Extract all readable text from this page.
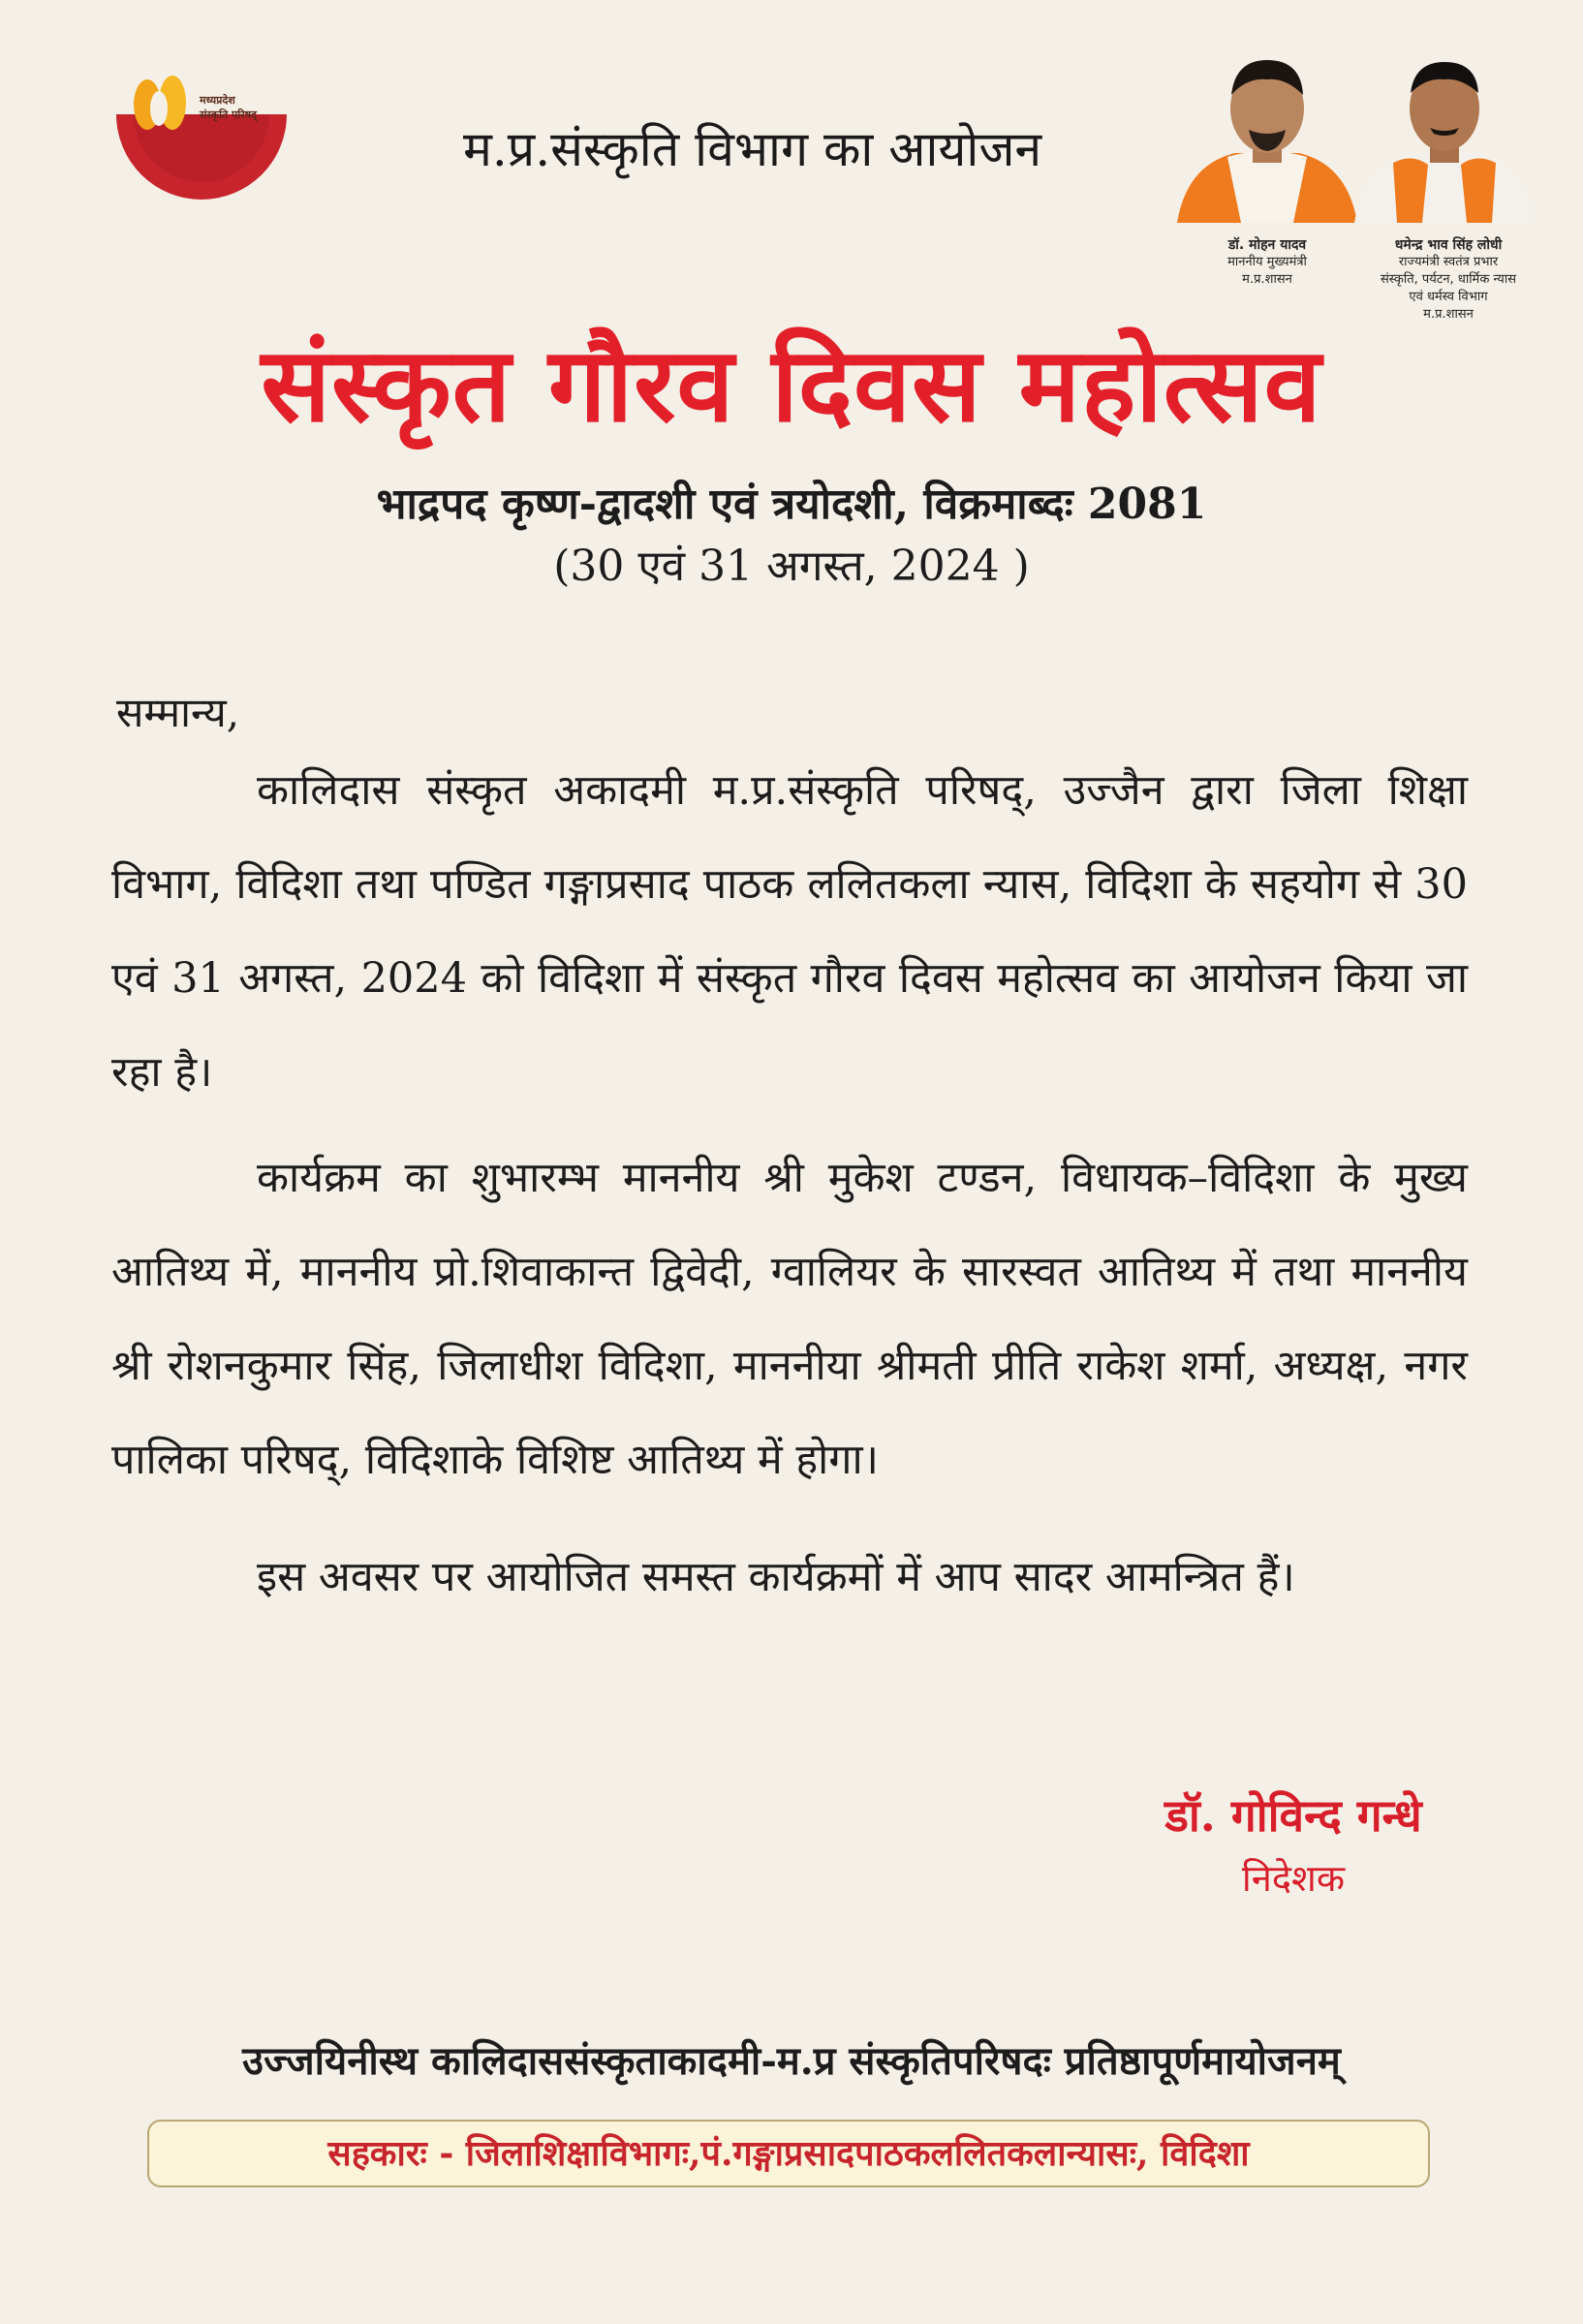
मध्यप्रदेश
संस्कृति परिषद्
म.प्र.संस्कृति विभाग का आयोजन
डॉ. मोहन यादव
माननीय मुख्यमंत्री
म.प्र.शासन
धमेन्द्र भाव सिंह लोधी
राज्यमंत्री स्वतंत्र प्रभार
संस्कृति, पर्यटन, धार्मिक न्यास
एवं धर्मस्व विभाग
म.प्र.शासन
संस्कृत गौरव दिवस महोत्सव
भाद्रपद कृष्ण-द्वादशी एवं त्रयोदशी, विक्रमाब्दः 2081
(30 एवं 31 अगस्त, 2024 )
सम्मान्य,

कालिदास संस्कृत अकादमी म.प्र.संस्कृति परिषद्, उज्जैन द्वारा जिला शिक्षा विभाग, विदिशा तथा पण्डित गङ्गाप्रसाद पाठक ललितकला न्यास, विदिशा के सहयोग से 30 एवं 31 अगस्त, 2024 को विदिशा में संस्कृत गौरव दिवस महोत्सव का आयोजन किया जा रहा है।

कार्यक्रम का शुभारम्भ माननीय श्री मुकेश टण्डन, विधायक–विदिशा के मुख्य आतिथ्य में, माननीय प्रो.शिवाकान्त द्विवेदी, ग्वालियर के सारस्वत आतिथ्य में तथा माननीय श्री रोशनकुमार सिंह, जिलाधीश विदिशा, माननीया श्रीमती प्रीति राकेश शर्मा, अध्यक्ष, नगर पालिका परिषद्, विदिशाके विशिष्ट आतिथ्य में होगा।

इस अवसर पर आयोजित समस्त कार्यक्रमों में आप सादर आमन्त्रित हैं।

डॉ. गोविन्द गन्धे
निदेशक
उज्जयिनीस्थ कालिदाससंस्कृताकादमी-म.प्र संस्कृतिपरिषदः प्रतिष्ठापूर्णमायोजनम्
सहकारः - जिलाशिक्षाविभागः,पं.गङ्गाप्रसादपाठकललितकलान्यासः, विदिशा
